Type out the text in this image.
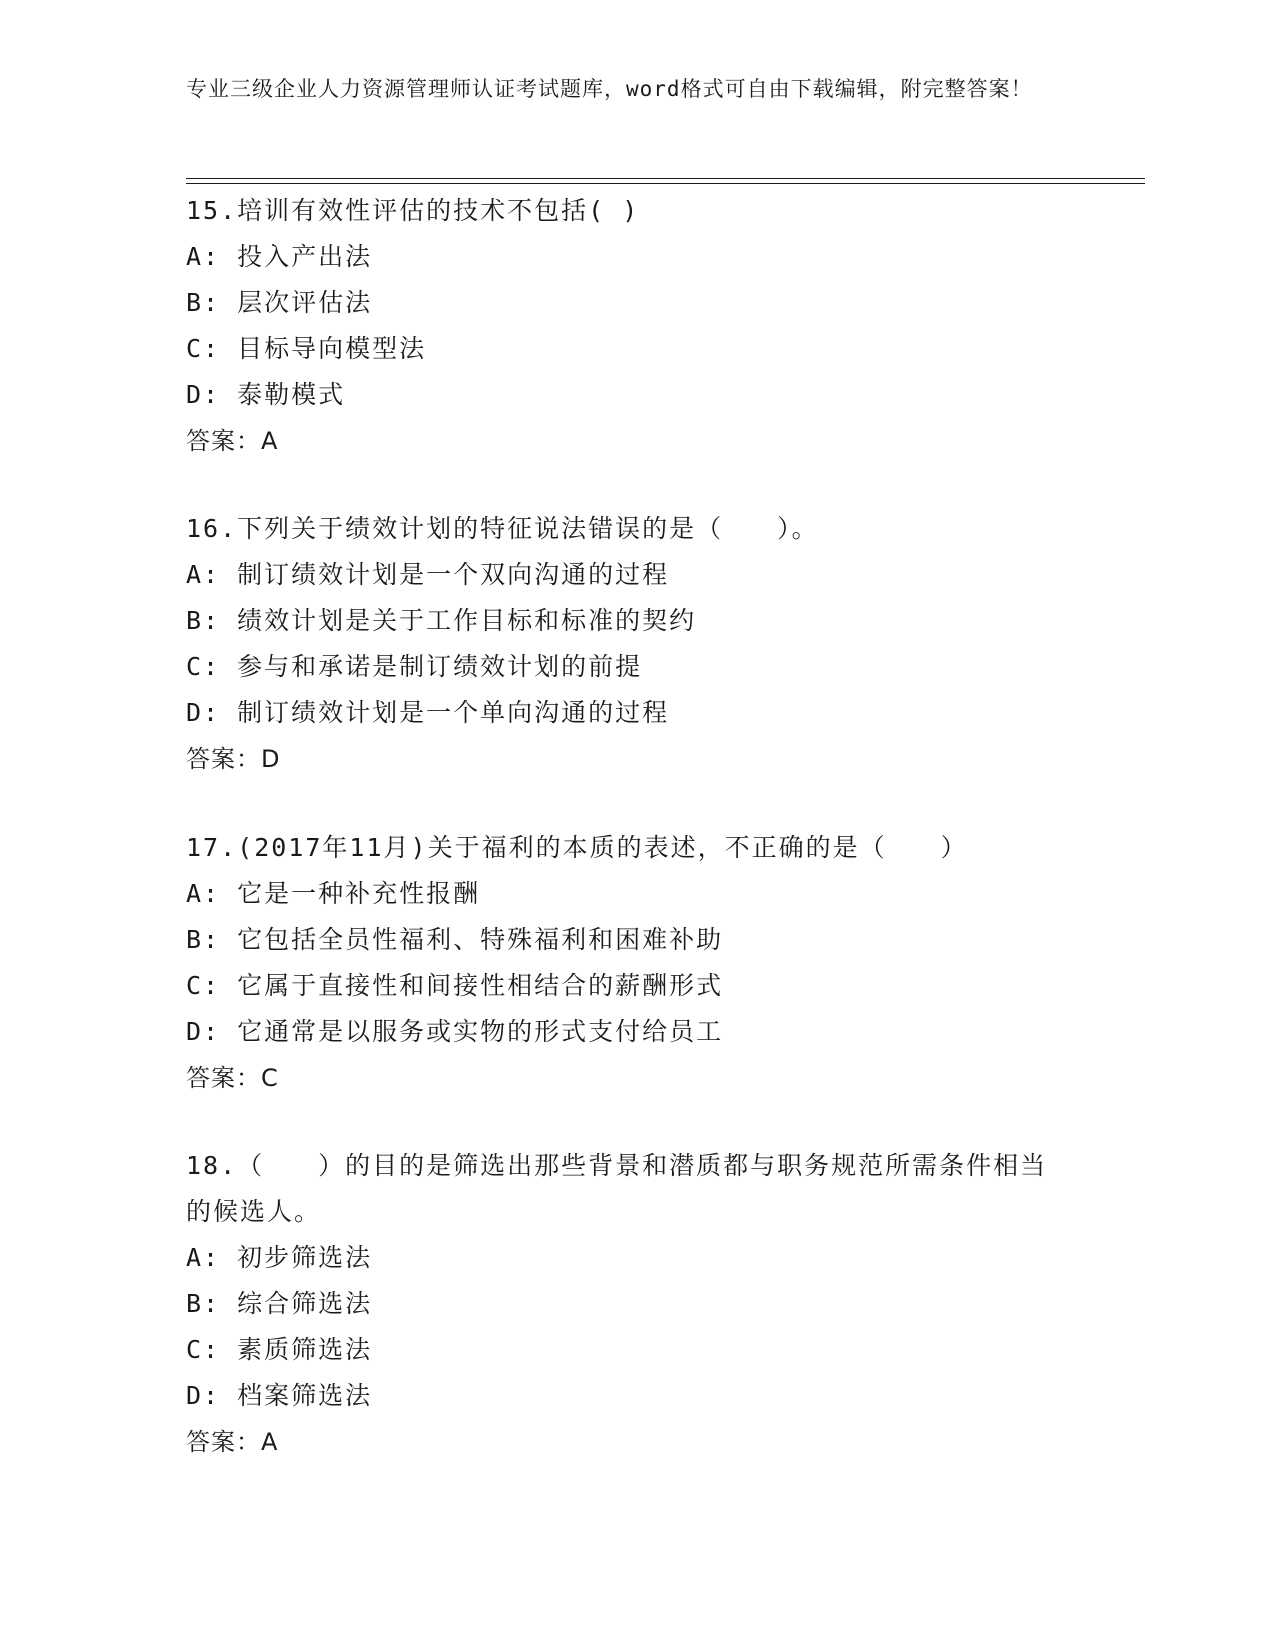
专业三级企业人力资源管理师认证考试题库，word格式可自由下载编辑，附完整答案！
15.培训有效性评估的技术不包括( )
A: 投入产出法
B: 层次评估法
C: 目标导向模型法
D: 泰勒模式
答案：A
16.下列关于绩效计划的特征说法错误的是（　　）。
A: 制订绩效计划是一个双向沟通的过程
B: 绩效计划是关于工作目标和标准的契约
C: 参与和承诺是制订绩效计划的前提
D: 制订绩效计划是一个单向沟通的过程
答案：D
17.(2017年11月)关于福利的本质的表述，不正确的是（　　）
A: 它是一种补充性报酬
B: 它包括全员性福利、特殊福利和困难补助
C: 它属于直接性和间接性相结合的薪酬形式
D: 它通常是以服务或实物的形式支付给员工
答案：C
18.（　　）的目的是筛选出那些背景和潜质都与职务规范所需条件相当的候选人。
A: 初步筛选法
B: 综合筛选法
C: 素质筛选法
D: 档案筛选法
答案：A
